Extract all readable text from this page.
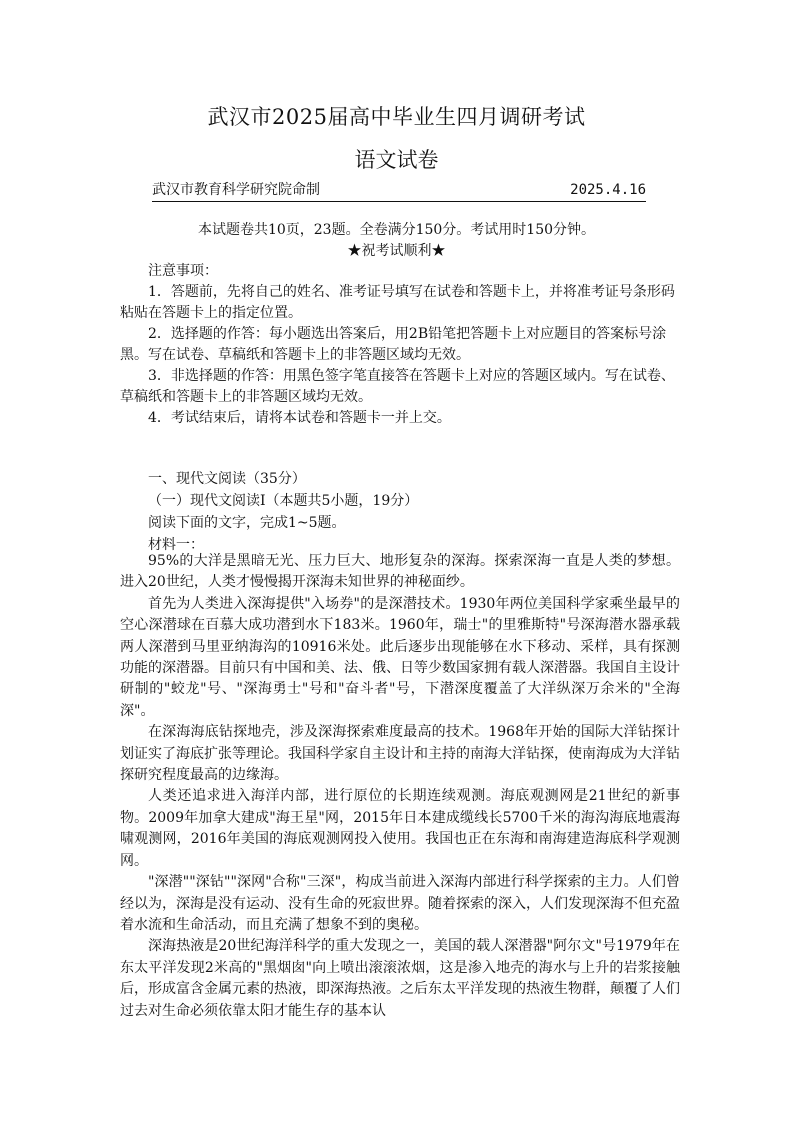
武汉市2025届高中毕业生四月调研考试
语文试卷
武汉市教育科学研究院命制	2025.4.16
本试题卷共10页，23题。全卷满分150分。考试用时150分钟。
★祝考试顺利★

注意事项：

1．答题前，先将自己的姓名、准考证号填写在试卷和答题卡上，并将准考证号条形码粘贴在答题卡上的指定位置。

2．选择题的作答：每小题选出答案后，用2B铅笔把答题卡上对应题目的答案标号涂黑。写在试卷、草稿纸和答题卡上的非答题区域均无效。

3．非选择题的作答：用黑色签字笔直接答在答题卡上对应的答题区域内。写在试卷、草稿纸和答题卡上的非答题区域均无效。

4．考试结束后，请将本试卷和答题卡一并上交。

一、现代文阅读（35分）

（一）现代文阅读Ⅰ（本题共5小题，19分）

阅读下面的文字，完成1~5题。

材料一：

95%的大洋是黑暗无光、压力巨大、地形复杂的深海。探索深海一直是人类的梦想。进入20世纪，人类才慢慢揭开深海未知世界的神秘面纱。

首先为人类进入深海提供"入场券"的是深潜技术。1930年两位美国科学家乘坐最早的空心深潜球在百慕大成功潜到水下183米。1960年，瑞士"的里雅斯特"号深海潜水器承载两人深潜到马里亚纳海沟的10916米处。此后逐步出现能够在水下移动、采样，具有探测功能的深潜器。目前只有中国和美、法、俄、日等少数国家拥有载人深潜器。我国自主设计研制的"蛟龙"号、"深海勇士"号和"奋斗者"号，下潜深度覆盖了大洋纵深万余米的"全海深"。

在深海海底钻探地壳，涉及深海探索难度最高的技术。1968年开始的国际大洋钻探计划证实了海底扩张等理论。我国科学家自主设计和主持的南海大洋钻探，使南海成为大洋钻探研究程度最高的边缘海。

人类还追求进入海洋内部，进行原位的长期连续观测。海底观测网是21世纪的新事物。2009年加拿大建成"海王星"网，2015年日本建成缆线长5700千米的海沟海底地震海啸观测网，2016年美国的海底观测网投入使用。我国也正在东海和南海建造海底科学观测网。

"深潜""深钻""深网"合称"三深"，构成当前进入深海内部进行科学探索的主力。人们曾经以为，深海是没有运动、没有生命的死寂世界。随着探索的深入，人们发现深海不但充盈着水流和生命活动，而且充满了想象不到的奥秘。

深海热液是20世纪海洋科学的重大发现之一，美国的载人深潜器"阿尔文"号1979年在东太平洋发现2米高的"黑烟囱"向上喷出滚滚浓烟，这是渗入地壳的海水与上升的岩浆接触后，形成富含金属元素的热液，即深海热液。之后东太平洋发现的热液生物群，颠覆了人们过去对生命必须依靠太阳才能生存的基本认
